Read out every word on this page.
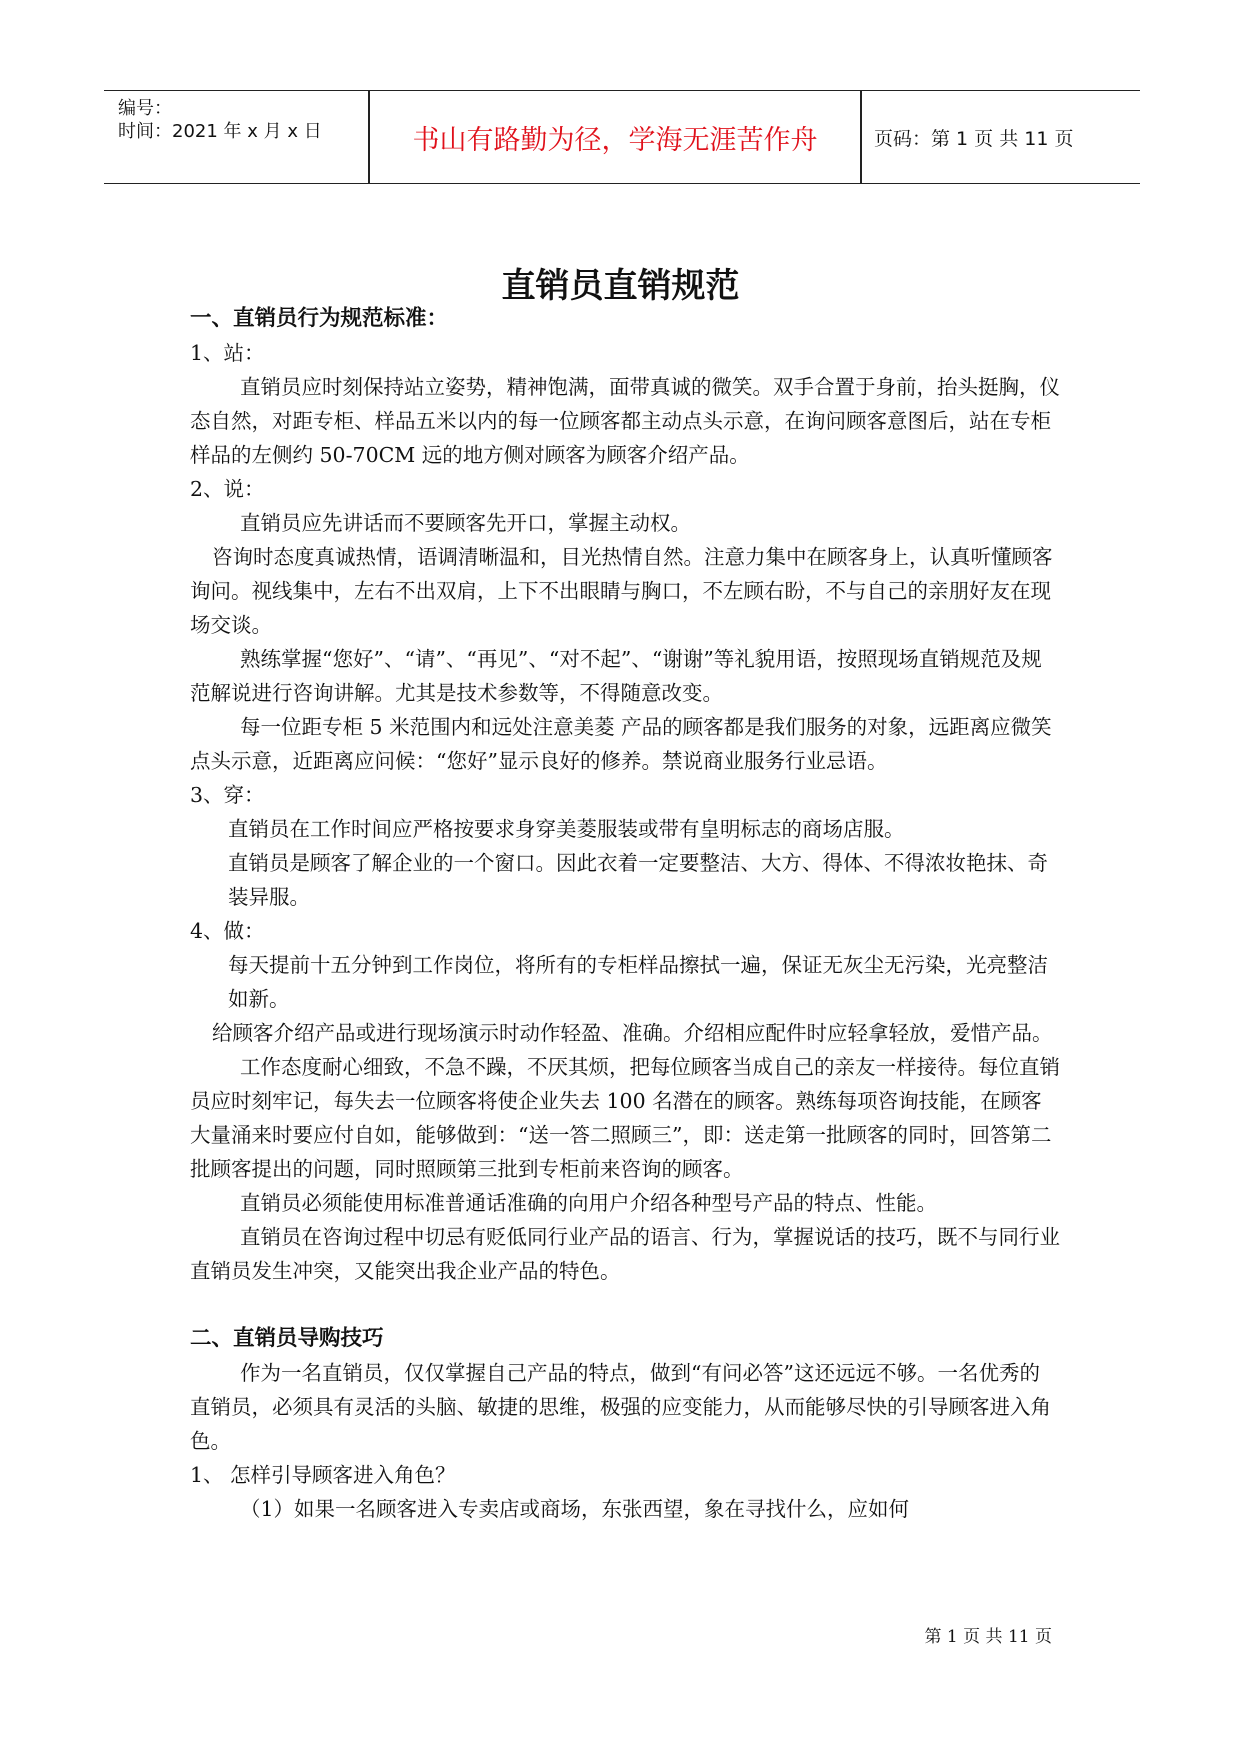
编号：
时间：2021 年 x 月 x 日	书山有路勤为径，学海无涯苦作舟	页码：第 1 页 共 11 页
直销员直销规范

一、直销员行为规范标准：

1、站：

直销员应时刻保持站立姿势，精神饱满，面带真诚的微笑。双手合置于身前，抬头挺胸，仪态自然，对距专柜、样品五米以内的每一位顾客都主动点头示意，在询问顾客意图后，站在专柜样品的左侧约 50-70CM 远的地方侧对顾客为顾客介绍产品。

2、说：

直销员应先讲话而不要顾客先开口，掌握主动权。

咨询时态度真诚热情，语调清晰温和，目光热情自然。注意力集中在顾客身上，认真听懂顾客询问。视线集中，左右不出双肩，上下不出眼睛与胸口，不左顾右盼，不与自己的亲朋好友在现场交谈。

熟练掌握“您好”、“请”、“再见”、“对不起”、“谢谢”等礼貌用语，按照现场直销规范及规范解说进行咨询讲解。尤其是技术参数等，不得随意改变。

每一位距专柜 5 米范围内和远处注意美菱 产品的顾客都是我们服务的对象，远距离应微笑点头示意，近距离应问候：“您好”显示良好的修养。禁说商业服务行业忌语。

3、穿：

直销员在工作时间应严格按要求身穿美菱服装或带有皇明标志的商场店服。

直销员是顾客了解企业的一个窗口。因此衣着一定要整洁、大方、得体、不得浓妆艳抹、奇装异服。

4、做：

每天提前十五分钟到工作岗位，将所有的专柜样品擦拭一遍，保证无灰尘无污染，光亮整洁如新。

给顾客介绍产品或进行现场演示时动作轻盈、准确。介绍相应配件时应轻拿轻放，爱惜产品。

工作态度耐心细致，不急不躁，不厌其烦，把每位顾客当成自己的亲友一样接待。每位直销员应时刻牢记，每失去一位顾客将使企业失去 100 名潜在的顾客。熟练每项咨询技能，在顾客大量涌来时要应付自如，能够做到：“送一答二照顾三”，即：送走第一批顾客的同时，回答第二批顾客提出的问题，同时照顾第三批到专柜前来咨询的顾客。

直销员必须能使用标准普通话准确的向用户介绍各种型号产品的特点、性能。

直销员在咨询过程中切忌有贬低同行业产品的语言、行为，掌握说话的技巧，既不与同行业直销员发生冲突，又能突出我企业产品的特色。

二、直销员导购技巧

作为一名直销员，仅仅掌握自己产品的特点，做到“有问必答”这还远远不够。一名优秀的直销员，必须具有灵活的头脑、敏捷的思维，极强的应变能力，从而能够尽快的引导顾客进入角色。

1、 怎样引导顾客进入角色？

（1）如果一名顾客进入专卖店或商场，东张西望，象在寻找什么，应如何

第 1 页 共 11 页
